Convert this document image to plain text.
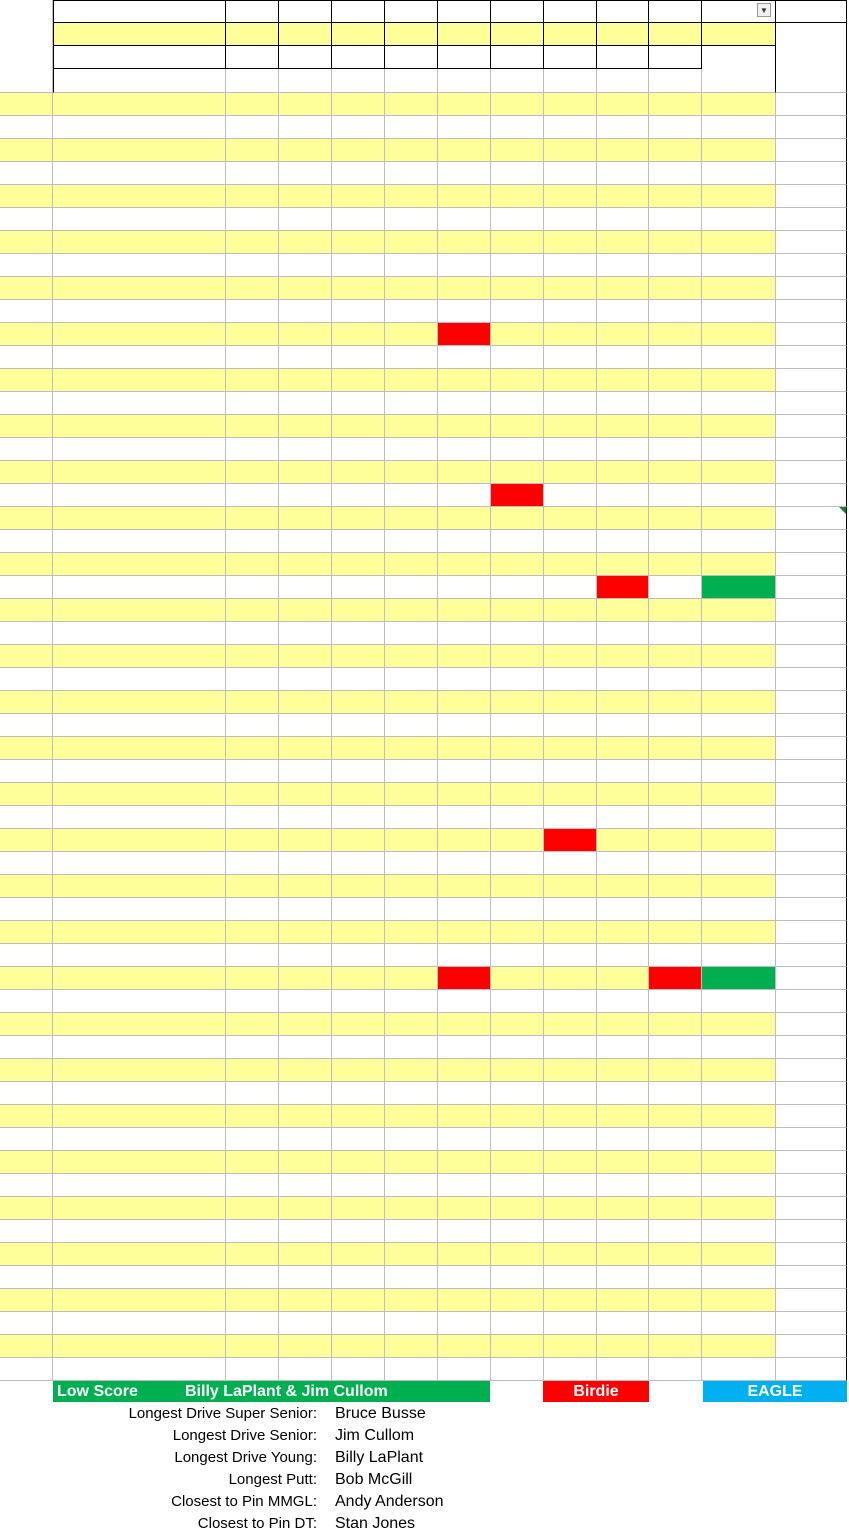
▼
Low Score	Billy LaPlant & Jim Cullom	Birdie	EAGLE
Longest Drive Super Senior: Bruce Busse
Longest Drive Senior: Jim Cullom
Longest Drive Young: Billy LaPlant
Longest Putt: Bob McGill
Closest to Pin MMGL: Andy Anderson
Closest to Pin DT: Stan Jones
